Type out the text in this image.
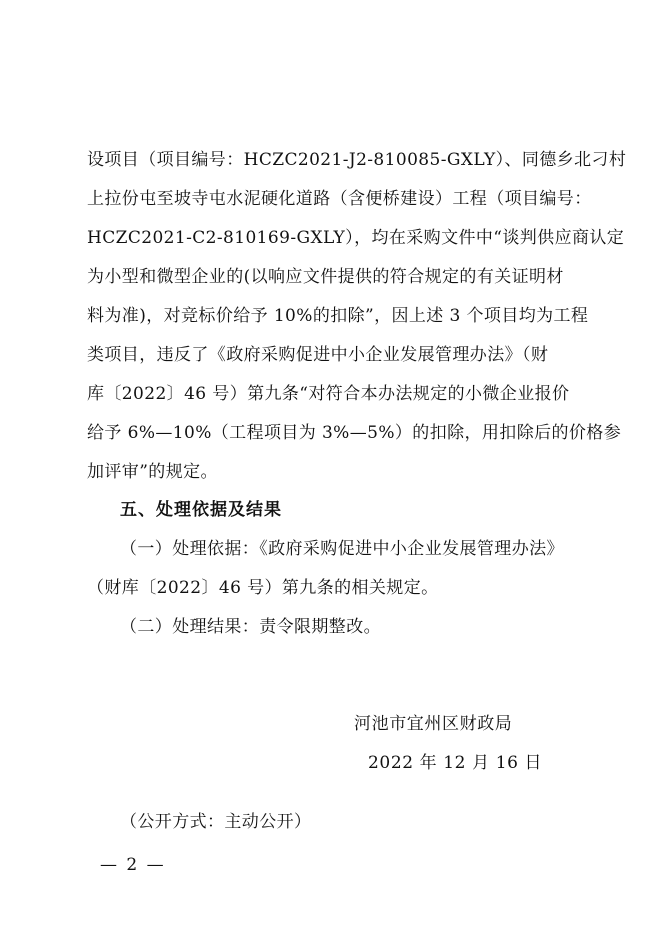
设项目（项目编号：HCZC2021-J2-810085-GXLY）、同德乡北刁村
上拉份屯至坡寺屯水泥硬化道路（含便桥建设）工程（项目编号：
HCZC2021-C2-810169-GXLY），均在采购文件中“谈判供应商认定
为小型和微型企业的(以响应文件提供的符合规定的有关证明材
料为准)，对竞标价给予 10%的扣除”，因上述 3 个项目均为工程
类项目，违反了《政府采购促进中小企业发展管理办法》（财
库〔2022〕46 号）第九条“对符合本办法规定的小微企业报价
给予 6%—10%（工程项目为 3%—5%）的扣除，用扣除后的价格参
加评审”的规定。
五、处理依据及结果
（一）处理依据：《政府采购促进中小企业发展管理办法》
（财库〔2022〕46 号）第九条的相关规定。
（二）处理结果：责令限期整改。
河池市宜州区财政局
2022 年 12 月 16 日
（公开方式：主动公开）
— 2 —
